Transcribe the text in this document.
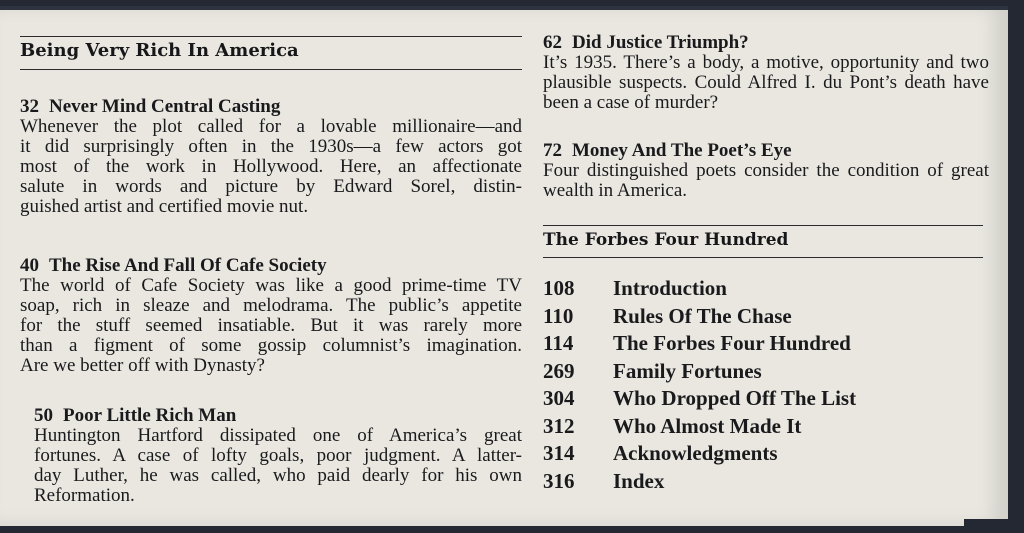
Being Very Rich In America
32 Never Mind Central Casting
Whenever the plot called for a lovable millionaire—and
it did surprisingly often in the 1930s—a few actors got
most of the work in Hollywood. Here, an affectionate
salute in words and picture by Edward Sorel, distin-
guished artist and certified movie nut.
40 The Rise And Fall Of Cafe Society
The world of Cafe Society was like a good prime-time TV
soap, rich in sleaze and melodrama. The public’s appetite
for the stuff seemed insatiable. But it was rarely more
than a figment of some gossip columnist’s imagination.
Are we better off with Dynasty?
50 Poor Little Rich Man
Huntington Hartford dissipated one of America’s great
fortunes. A case of lofty goals, poor judgment. A latter-
day Luther, he was called, who paid dearly for his own
Reformation.
62 Did Justice Triumph?
It’s 1935. There’s a body, a motive, opportunity and two
plausible suspects. Could Alfred I. du Pont’s death have
been a case of murder?
72 Money And The Poet’s Eye
Four distinguished poets consider the condition of great
wealth in America.
The Forbes Four Hundred
108 Introduction
110 Rules Of The Chase
114 The Forbes Four Hundred
269 Family Fortunes
304 Who Dropped Off The List
312 Who Almost Made It
314 Acknowledgments
316 Index
